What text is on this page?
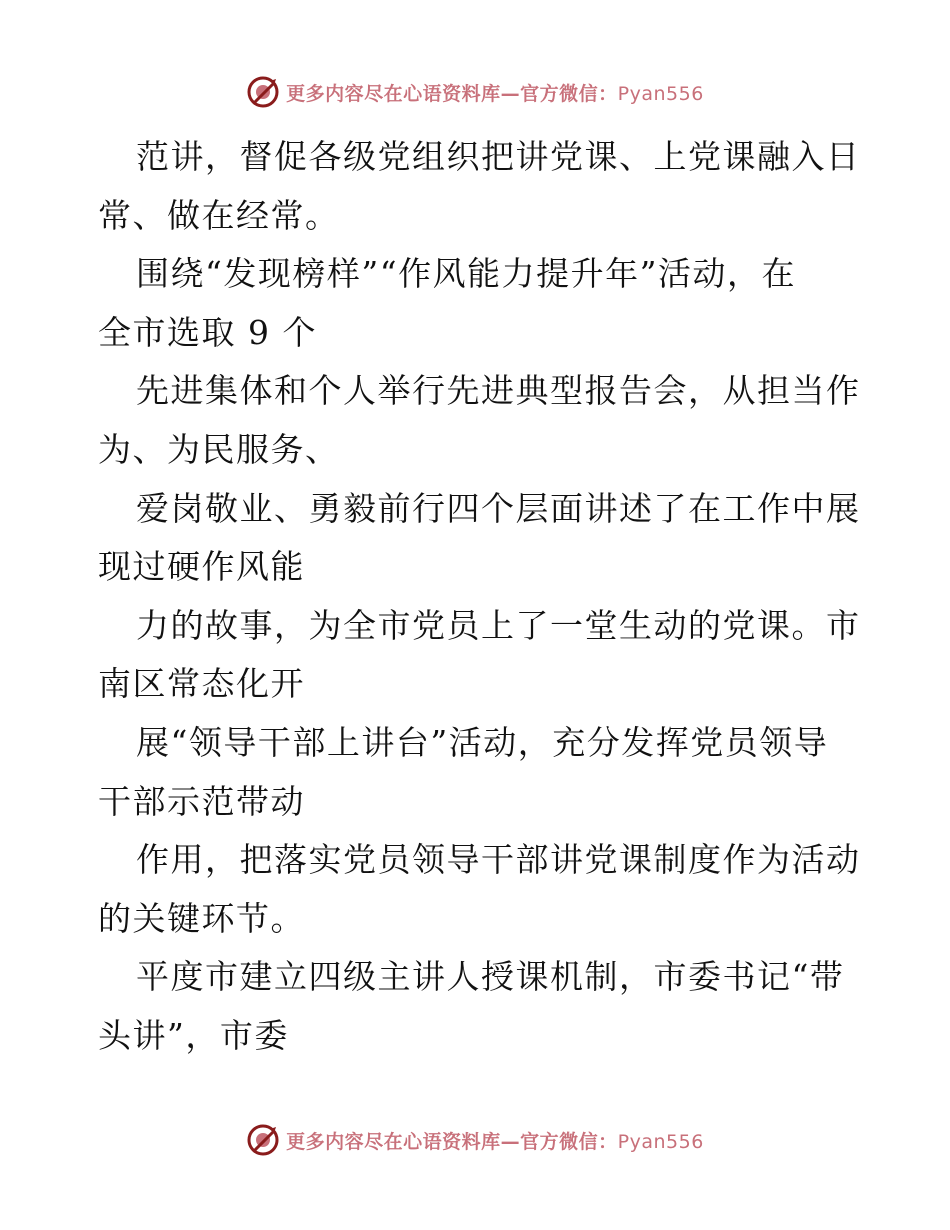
更多内容尽在心语资料库—官方微信：Pyan556
范讲，督促各级党组织把讲党课、上党课融入日
常、做在经常。
围绕“发现榜样”“作风能力提升年”活动，在
全市选取 9 个
先进集体和个人举行先进典型报告会，从担当作
为、为民服务、
爱岗敬业、勇毅前行四个层面讲述了在工作中展
现过硬作风能
力的故事，为全市党员上了一堂生动的党课。市
南区常态化开
展“领导干部上讲台”活动，充分发挥党员领导
干部示范带动
作用，把落实党员领导干部讲党课制度作为活动
的关键环节。
平度市建立四级主讲人授课机制，市委书记“带
头讲”，市委
更多内容尽在心语资料库—官方微信：Pyan556
